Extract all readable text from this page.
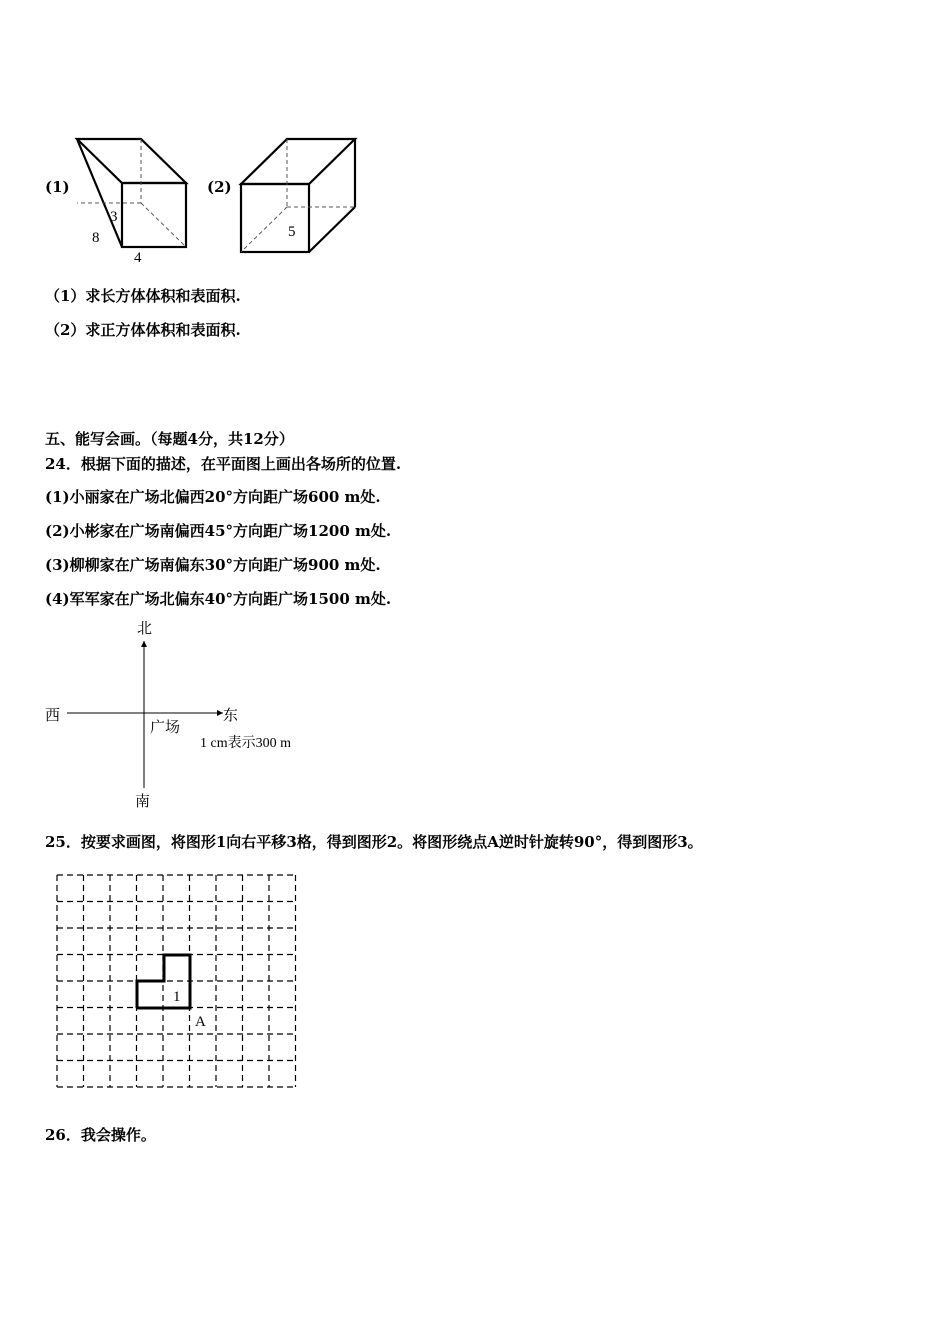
(1)
3
8
4
(2)
5
（1）求长方体体积和表面积.
（2）求正方体体积和表面积.
五、能写会画。（每题4分，共12分）
24．根据下面的描述，在平面图上画出各场所的位置.
(1)小丽家在广场北偏西20°方向距广场600 m处.
(2)小彬家在广场南偏西45°方向距广场1200 m处.
(3)柳柳家在广场南偏东30°方向距广场900 m处.
(4)军军家在广场北偏东40°方向距广场1500 m处.
北
南
西	东
广场
1 cm表示300 m
25．按要求画图，将图形1向右平移3格，得到图形2。将图形绕点A逆时针旋转90°，得到图形3。
1
A
26．我会操作。
